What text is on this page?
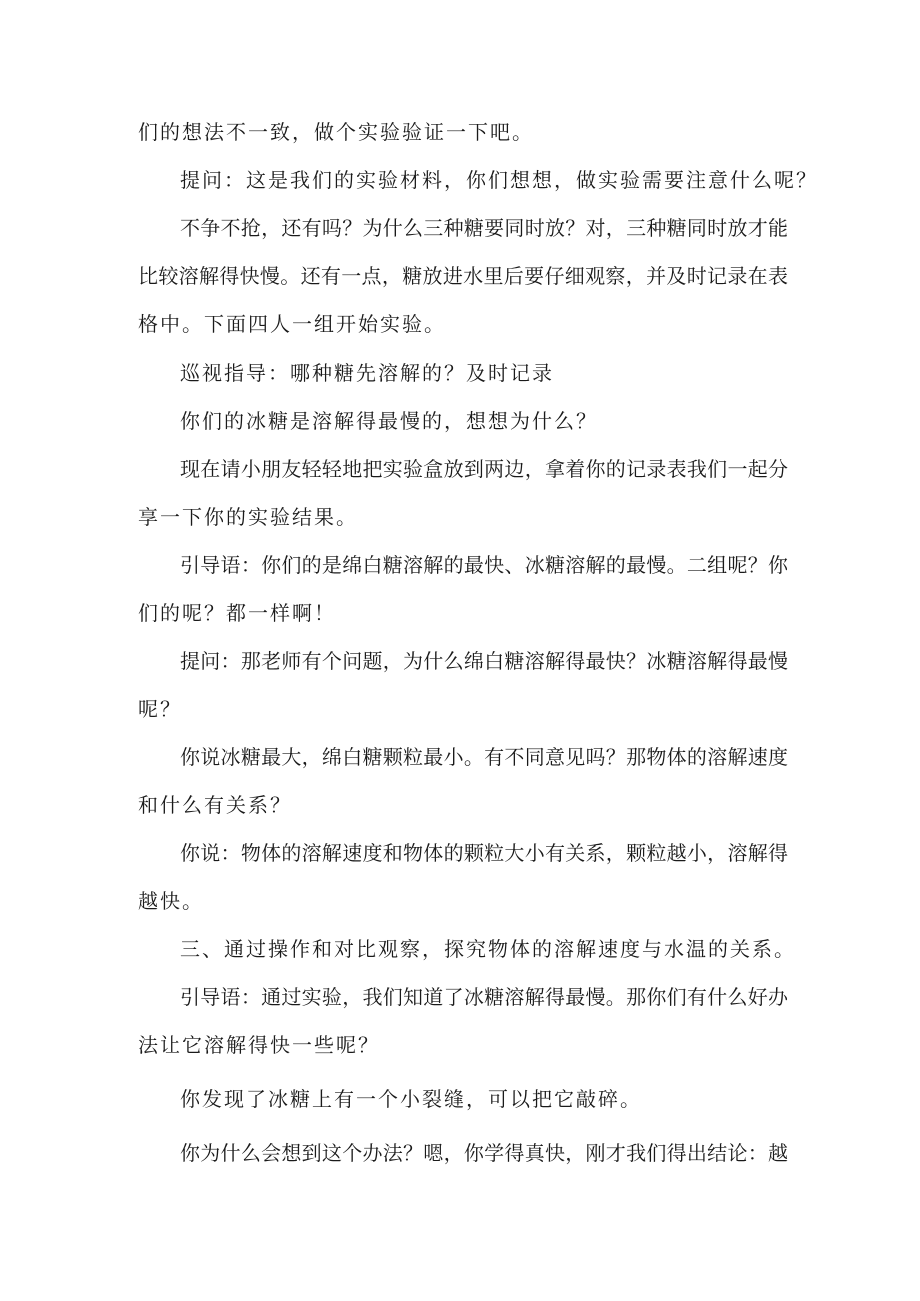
们的想法不一致，做个实验验证一下吧。
提问：这是我们的实验材料，你们想想，做实验需要注意什么呢？
不争不抢，还有吗？为什么三种糖要同时放？对，三种糖同时放才能
比较溶解得快慢。还有一点，糖放进水里后要仔细观察，并及时记录在表
格中。下面四人一组开始实验。
巡视指导：哪种糖先溶解的？及时记录
你们的冰糖是溶解得最慢的，想想为什么？
现在请小朋友轻轻地把实验盒放到两边，拿着你的记录表我们一起分
享一下你的实验结果。
引导语：你们的是绵白糖溶解的最快、冰糖溶解的最慢。二组呢？你
们的呢？都一样啊！
提问：那老师有个问题，为什么绵白糖溶解得最快？冰糖溶解得最慢
呢？
你说冰糖最大，绵白糖颗粒最小。有不同意见吗？那物体的溶解速度
和什么有关系？
你说：物体的溶解速度和物体的颗粒大小有关系，颗粒越小，溶解得
越快。
三、通过操作和对比观察，探究物体的溶解速度与水温的关系。
引导语：通过实验，我们知道了冰糖溶解得最慢。那你们有什么好办
法让它溶解得快一些呢？
你发现了冰糖上有一个小裂缝，可以把它敲碎。
你为什么会想到这个办法？嗯，你学得真快，刚才我们得出结论：越
